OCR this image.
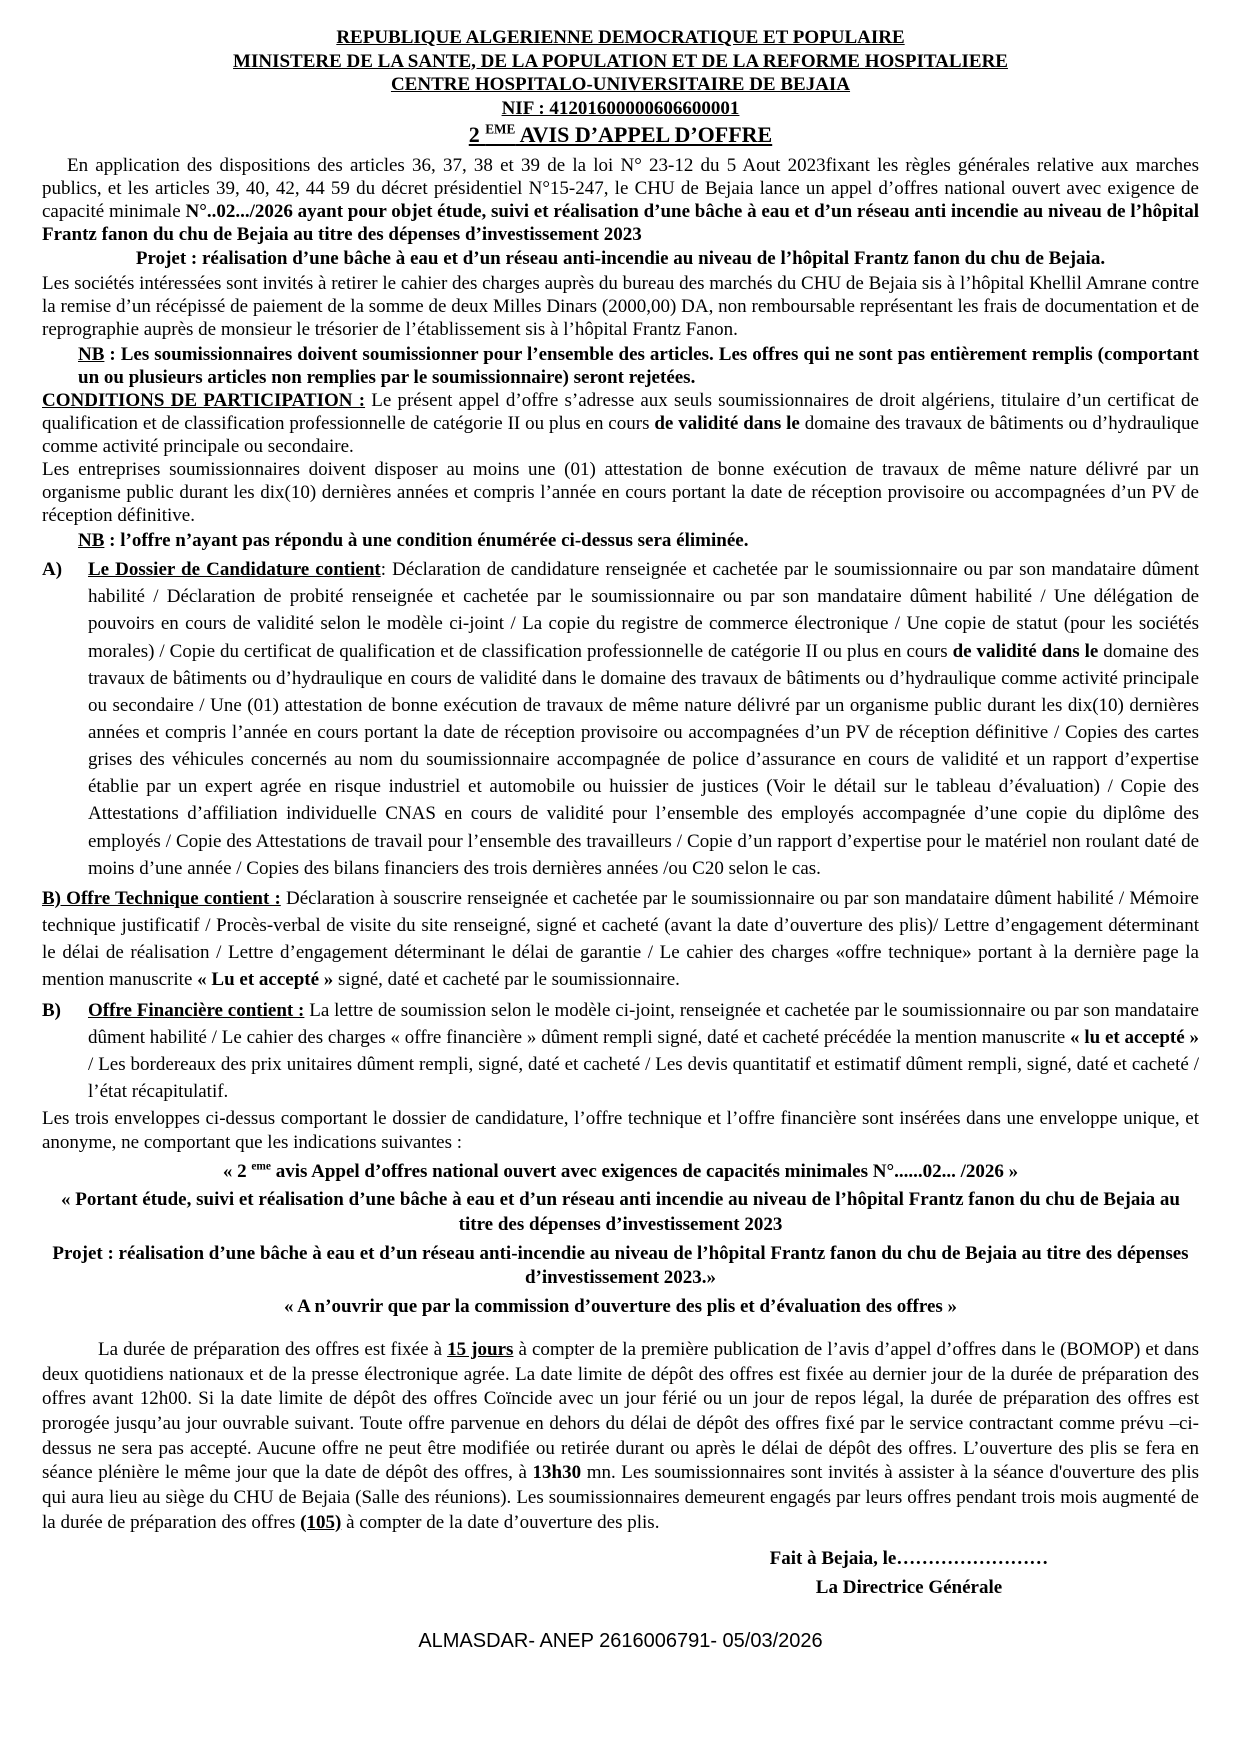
REPUBLIQUE ALGERIENNE DEMOCRATIQUE ET POPULAIRE
MINISTERE DE LA SANTE, DE LA POPULATION ET DE LA REFORME HOSPITALIERE
CENTRE HOSPITALO-UNIVERSITAIRE DE BEJAIA
NIF : 41201600000606600001
2 $^{EME}$ AVIS D’APPEL D’OFFRE

En application des dispositions des articles 36, 37, 38 et 39 de la loi N° 23-12 du 5 Aout 2023fixant les règles générales relative aux marches publics, et les articles 39, 40, 42, 44 59 du décret présidentiel N°15-247, le CHU de Bejaia lance un appel d’offres national ouvert avec exigence de capacité minimale N°..02.../2026 ayant pour objet étude, suivi et réalisation d’une bâche à eau et d’un réseau anti incendie au niveau de l’hôpital Frantz fanon du chu de Bejaia au titre des dépenses d’investissement 2023

Projet : réalisation d’une bâche à eau et d’un réseau anti-incendie au niveau de l’hôpital Frantz fanon du chu de Bejaia.

Les sociétés intéressées sont invités à retirer le cahier des charges auprès du bureau des marchés du CHU de Bejaia sis à l’hôpital Khellil Amrane contre la remise d’un récépissé de paiement de la somme de deux Milles Dinars (2000,00) DA, non remboursable représentant les frais de documentation et de reprographie auprès de monsieur le trésorier de l’établissement sis à l’hôpital Frantz Fanon.

NB : Les soumissionnaires doivent soumissionner pour l’ensemble des articles. Les offres qui ne sont pas entièrement remplis (comportant un ou plusieurs articles non remplies par le soumissionnaire) seront rejetées.

CONDITIONS DE PARTICIPATION : Le présent appel d’offre s’adresse aux seuls soumissionnaires de droit algériens, titulaire d’un certificat de qualification et de classification professionnelle de catégorie II ou plus en cours de validité dans le domaine des travaux de bâtiments ou d’hydraulique comme activité principale ou secondaire.

Les entreprises soumissionnaires doivent disposer au moins une (01) attestation de bonne exécution de travaux de même nature délivré par un organisme public durant les dix(10) dernières années et compris l’année en cours portant la date de réception provisoire ou accompagnées d’un PV de réception définitive.

NB : l’offre n’ayant pas répondu à une condition énumérée ci-dessus sera éliminée.

A) Le Dossier de Candidature contient: Déclaration de candidature renseignée et cachetée par le soumissionnaire ou par son mandataire dûment habilité / Déclaration de probité renseignée et cachetée par le soumissionnaire ou par son mandataire dûment habilité / Une délégation de pouvoirs en cours de validité selon le modèle ci-joint / La copie du registre de commerce électronique / Une copie de statut (pour les sociétés morales) / Copie du certificat de qualification et de classification professionnelle de catégorie II ou plus en cours de validité dans le domaine des travaux de bâtiments ou d’hydraulique en cours de validité dans le domaine des travaux de bâtiments ou d’hydraulique comme activité principale ou secondaire / Une (01) attestation de bonne exécution de travaux de même nature délivré par un organisme public durant les dix(10) dernières années et compris l’année en cours portant la date de réception provisoire ou accompagnées d’un PV de réception définitive / Copies des cartes grises des véhicules concernés au nom du soumissionnaire accompagnée de police d’assurance en cours de validité et un rapport d’expertise établie par un expert agrée en risque industriel et automobile ou huissier de justices (Voir le détail sur le tableau d’évaluation) / Copie des Attestations d’affiliation individuelle CNAS en cours de validité pour l’ensemble des employés accompagnée d’une copie du diplôme des employés / Copie des Attestations de travail pour l’ensemble des travailleurs / Copie d’un rapport d’expertise pour le matériel non roulant daté de moins d’une année / Copies des bilans financiers des trois dernières années /ou C20 selon le cas.

B) Offre Technique contient : Déclaration à souscrire renseignée et cachetée par le soumissionnaire ou par son mandataire dûment habilité / Mémoire technique justificatif / Procès-verbal de visite du site renseigné, signé et cacheté (avant la date d’ouverture des plis)/ Lettre d’engagement déterminant le délai de réalisation / Lettre d’engagement déterminant le délai de garantie / Le cahier des charges «offre technique» portant à la dernière page la mention manuscrite « Lu et accepté » signé, daté et cacheté par le soumissionnaire.

B) Offre Financière contient : La lettre de soumission selon le modèle ci-joint, renseignée et cachetée par le soumissionnaire ou par son mandataire dûment habilité / Le cahier des charges « offre financière » dûment rempli signé, daté et cacheté précédée la mention manuscrite « lu et accepté » / Les bordereaux des prix unitaires dûment rempli, signé, daté et cacheté / Les devis quantitatif et estimatif dûment rempli, signé, daté et cacheté / l’état récapitulatif.

Les trois enveloppes ci-dessus comportant le dossier de candidature, l’offre technique et l’offre financière sont insérées dans une enveloppe unique, et anonyme, ne comportant que les indications suivantes :

« 2 $^{eme}$ avis Appel d’offres national ouvert avec exigences de capacités minimales N°......02... /2026 »

« Portant étude, suivi et réalisation d’une bâche à eau et d’un réseau anti incendie au niveau de l’hôpital Frantz fanon du chu de Bejaia au titre des dépenses d’investissement 2023

Projet : réalisation d’une bâche à eau et d’un réseau anti-incendie au niveau de l’hôpital Frantz fanon du chu de Bejaia au titre des dépenses d’investissement 2023.»

« A n’ouvrir que par la commission d’ouverture des plis et d’évaluation des offres »

La durée de préparation des offres est fixée à 15 jours à compter de la première publication de l’avis d’appel d’offres dans le (BOMOP) et dans deux quotidiens nationaux et de la presse électronique agrée. La date limite de dépôt des offres est fixée au dernier jour de la durée de préparation des offres avant 12h00. Si la date limite de dépôt des offres Coïncide avec un jour férié ou un jour de repos légal, la durée de préparation des offres est prorogée jusqu’au jour ouvrable suivant. Toute offre parvenue en dehors du délai de dépôt des offres fixé par le service contractant comme prévu –ci-dessus ne sera pas accepté. Aucune offre ne peut être modifiée ou retirée durant ou après le délai de dépôt des offres. L’ouverture des plis se fera en séance plénière le même jour que la date de dépôt des offres, à 13h30 mn. Les soumissionnaires sont invités à assister à la séance d'ouverture des plis qui aura lieu au siège du CHU de Bejaia (Salle des réunions). Les soumissionnaires demeurent engagés par leurs offres pendant trois mois augmenté de la durée de préparation des offres (105) à compter de la date d’ouverture des plis.

Fait à Bejaia, le……………………
La Directrice Générale
ALMASDAR- ANEP 2616006791- 05/03/2026
